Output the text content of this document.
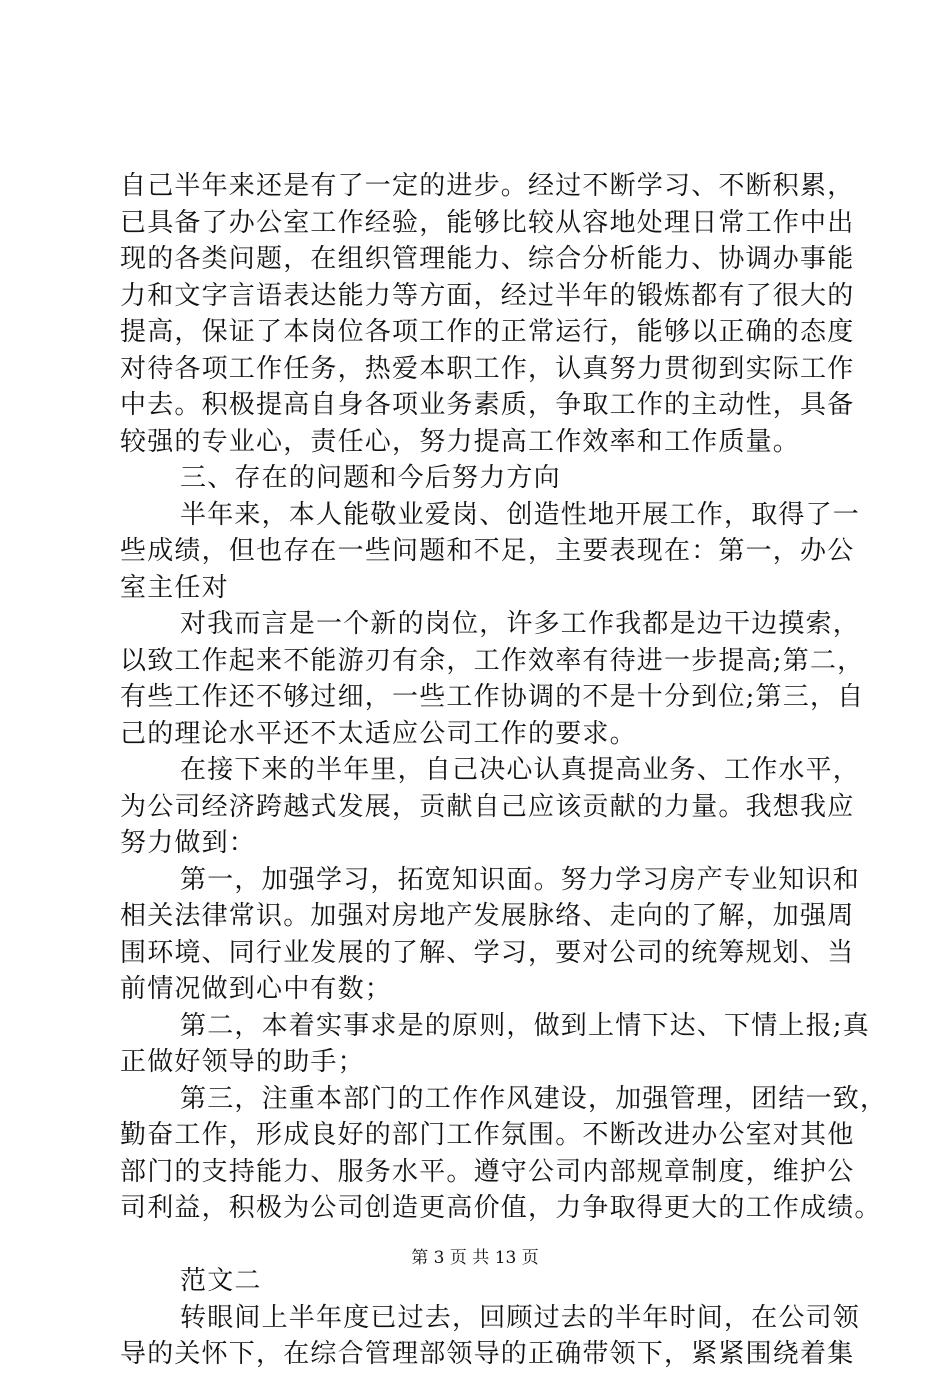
自己半年来还是有了一定的进步。经过不断学习、不断积累，
已具备了办公室工作经验，能够比较从容地处理日常工作中出
现的各类问题，在组织管理能力、综合分析能力、协调办事能
力和文字言语表达能力等方面，经过半年的锻炼都有了很大的
提高，保证了本岗位各项工作的正常运行，能够以正确的态度
对待各项工作任务，热爱本职工作，认真努力贯彻到实际工作
中去。积极提高自身各项业务素质，争取工作的主动性，具备
较强的专业心，责任心，努力提高工作效率和工作质量。
三、存在的问题和今后努力方向
半年来，本人能敬业爱岗、创造性地开展工作，取得了一
些成绩，但也存在一些问题和不足，主要表现在：第一，办公
室主任对
对我而言是一个新的岗位，许多工作我都是边干边摸索，
以致工作起来不能游刃有余，工作效率有待进一步提高;第二，
有些工作还不够过细，一些工作协调的不是十分到位;第三，自
己的理论水平还不太适应公司工作的要求。
在接下来的半年里，自己决心认真提高业务、工作水平，
为公司经济跨越式发展，贡献自己应该贡献的力量。我想我应
努力做到：
第一，加强学习，拓宽知识面。努力学习房产专业知识和
相关法律常识。加强对房地产发展脉络、走向的了解，加强周
围环境、同行业发展的了解、学习，要对公司的统筹规划、当
前情况做到心中有数；
第二，本着实事求是的原则，做到上情下达、下情上报;真
正做好领导的助手；
第三，注重本部门的工作作风建设，加强管理，团结一致，
勤奋工作，形成良好的部门工作氛围。不断改进办公室对其他
部门的支持能力、服务水平。遵守公司内部规章制度，维护公
司利益，积极为公司创造更高价值，力争取得更大的工作成绩。
范文二
转眼间上半年度已过去，回顾过去的半年时间，在公司领
导的关怀下，在综合管理部领导的正确带领下，紧紧围绕着集
第 3 页 共 13 页
